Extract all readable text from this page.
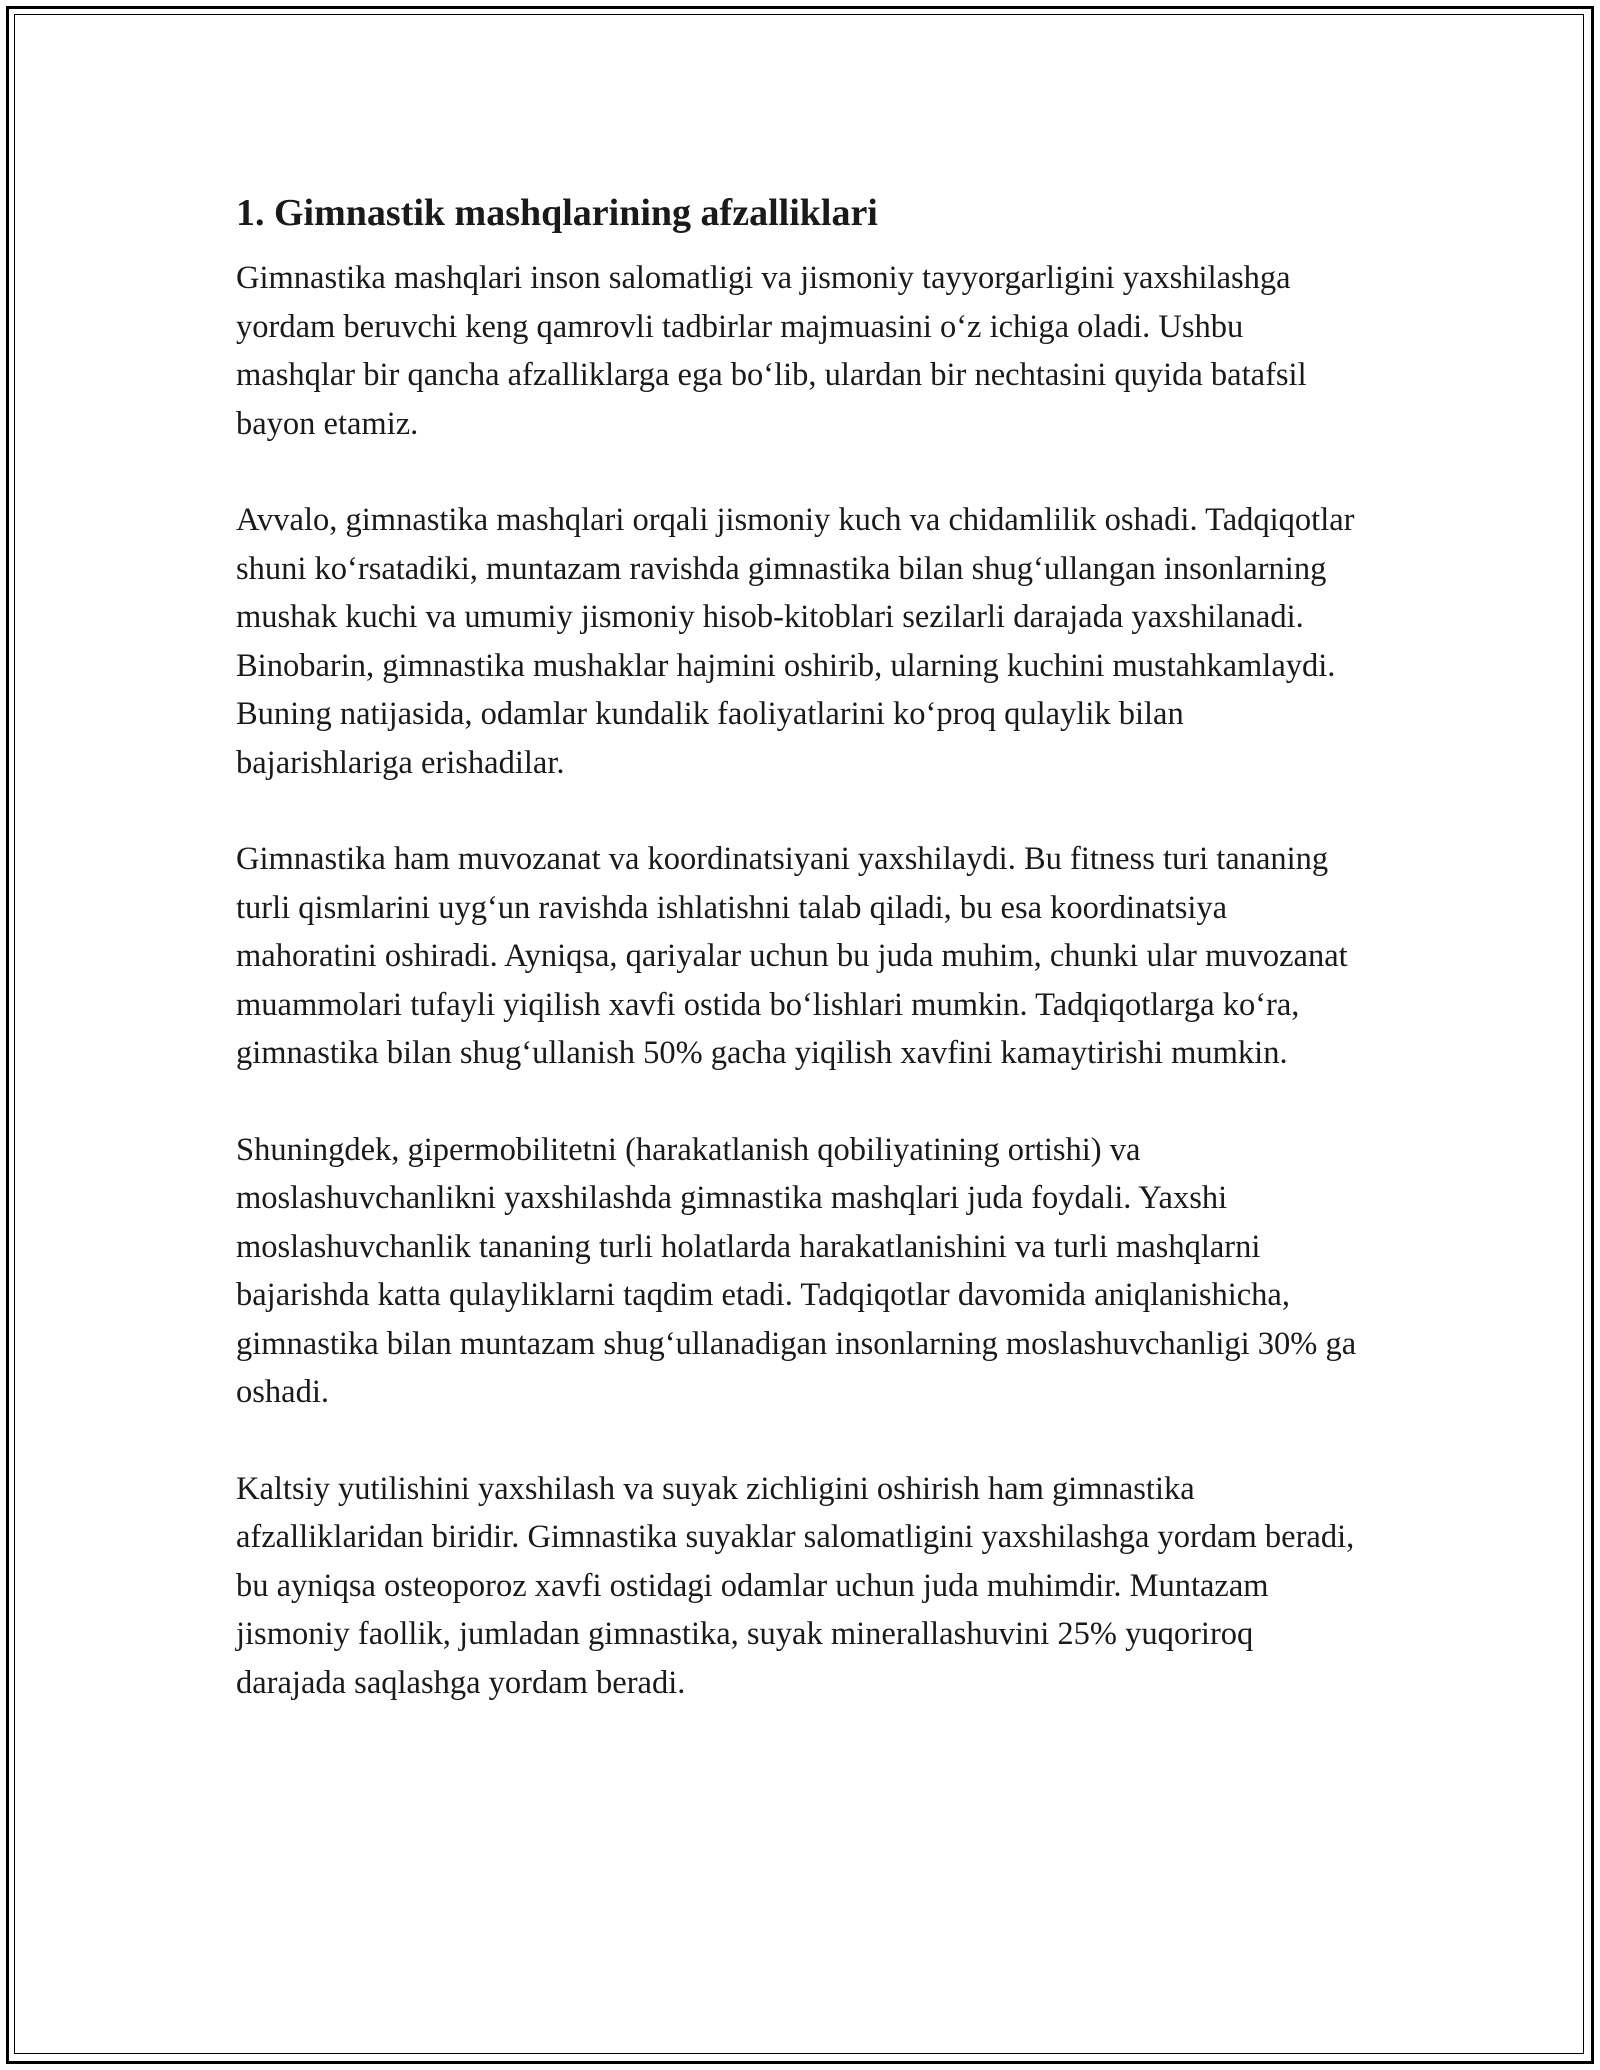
1. Gimnastik mashqlarining afzalliklari

Gimnastika mashqlari inson salomatligi va jismoniy tayyorgarligini yaxshilashga yordam beruvchi keng qamrovli tadbirlar majmuasini o‘z ichiga oladi. Ushbu mashqlar bir qancha afzalliklarga ega bo‘lib, ulardan bir nechtasini quyida batafsil bayon etamiz.

Avvalo, gimnastika mashqlari orqali jismoniy kuch va chidamlilik oshadi. Tadqiqotlar shuni ko‘rsatadiki, muntazam ravishda gimnastika bilan shug‘ullangan insonlarning mushak kuchi va umumiy jismoniy hisob-kitoblari sezilarli darajada yaxshilanadi. Binobarin, gimnastika mushaklar hajmini oshirib, ularning kuchini mustahkamlaydi. Buning natijasida, odamlar kundalik faoliyatlarini ko‘proq qulaylik bilan bajarishlariga erishadilar.

Gimnastika ham muvozanat va koordinatsiyani yaxshilaydi. Bu fitness turi tananing turli qismlarini uyg‘un ravishda ishlatishni talab qiladi, bu esa koordinatsiya mahoratini oshiradi. Ayniqsa, qariyalar uchun bu juda muhim, chunki ular muvozanat muammolari tufayli yiqilish xavfi ostida bo‘lishlari mumkin. Tadqiqotlarga ko‘ra, gimnastika bilan shug‘ullanish 50% gacha yiqilish xavfini kamaytirishi mumkin.

Shuningdek, gipermobilitetni (harakatlanish qobiliyatining ortishi) va moslashuvchanlikni yaxshilashda gimnastika mashqlari juda foydali. Yaxshi moslashuvchanlik tananing turli holatlarda harakatlanishini va turli mashqlarni bajarishda katta qulayliklarni taqdim etadi. Tadqiqotlar davomida aniqlanishicha, gimnastika bilan muntazam shug‘ullanadigan insonlarning moslashuvchanligi 30% ga oshadi.

Kaltsiy yutilishini yaxshilash va suyak zichligini oshirish ham gimnastika afzalliklaridan biridir. Gimnastika suyaklar salomatligini yaxshilashga yordam beradi, bu ayniqsa osteoporoz xavfi ostidagi odamlar uchun juda muhimdir. Muntazam jismoniy faollik, jumladan gimnastika, suyak minerallashuvini 25% yuqoriroq darajada saqlashga yordam beradi.
